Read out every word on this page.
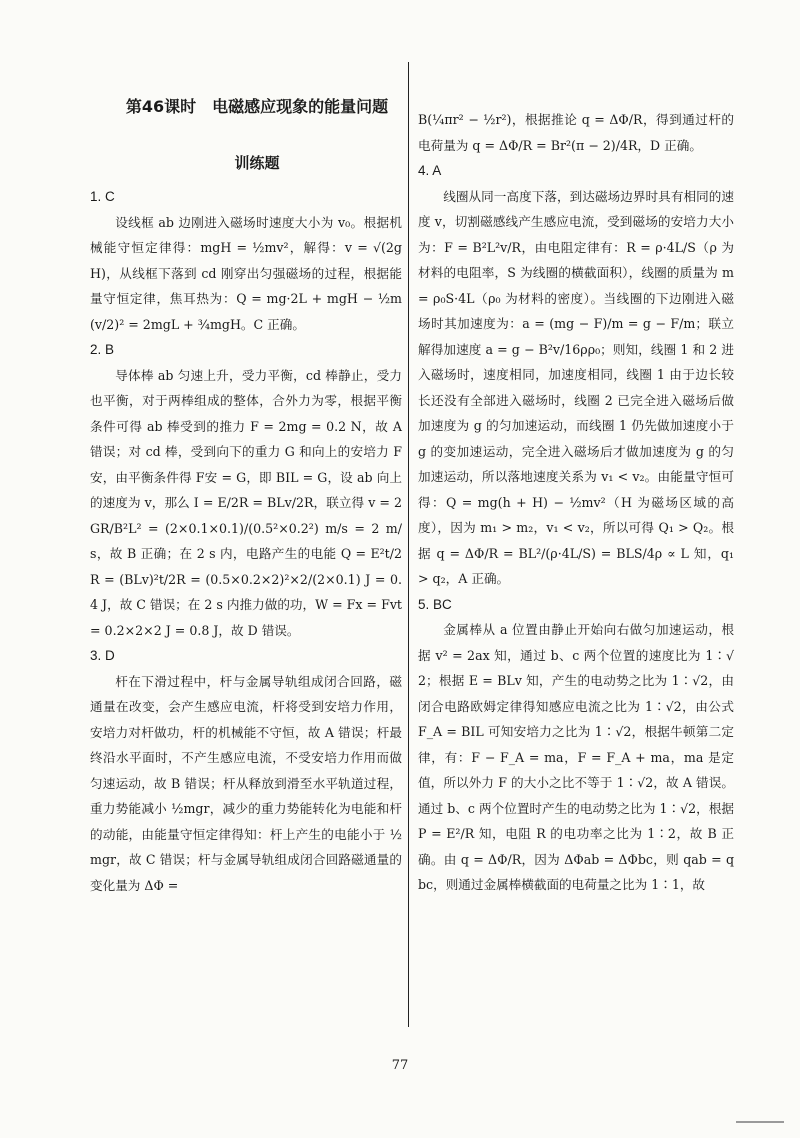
第46课时　电磁感应现象的能量问题
训练题

1. C

设线框 ab 边刚进入磁场时速度大小为 v₀。根据机械能守恒定律得：mgH = ½mv²，解得：v = √(2gH)，从线框下落到 cd 刚穿出匀强磁场的过程，根据能量守恒定律，焦耳热为：Q = mg·2L + mgH − ½m(v/2)² = 2mgL + ¾mgH。C 正确。

2. B

导体棒 ab 匀速上升，受力平衡，cd 棒静止，受力也平衡，对于两棒组成的整体，合外力为零，根据平衡条件可得 ab 棒受到的推力 F = 2mg = 0.2 N，故 A 错误；对 cd 棒，受到向下的重力 G 和向上的安培力 F安，由平衡条件得 F安 = G，即 BIL = G，设 ab 向上的速度为 v，那么 I = E/2R = BLv/2R，联立得 v = 2GR/B²L² = (2×0.1×0.1)/(0.5²×0.2²) m/s = 2 m/s，故 B 正确；在 2 s 内，电路产生的电能 Q = E²t/2R = (BLv)²t/2R = (0.5×0.2×2)²×2/(2×0.1) J = 0.4 J，故 C 错误；在 2 s 内推力做的功，W = Fx = Fvt = 0.2×2×2 J = 0.8 J，故 D 错误。

3. D

杆在下滑过程中，杆与金属导轨组成闭合回路，磁通量在改变，会产生感应电流，杆将受到安培力作用，安培力对杆做功，杆的机械能不守恒，故 A 错误；杆最终沿水平面时，不产生感应电流，不受安培力作用而做匀速运动，故 B 错误；杆从释放到滑至水平轨道过程，重力势能减小 ½mgr，减少的重力势能转化为电能和杆的动能，由能量守恒定律得知：杆上产生的电能小于 ½mgr，故 C 错误；杆与金属导轨组成闭合回路磁通量的变化量为 ΔΦ =

B(¼πr² − ½r²)，根据推论 q = ΔΦ/R，得到通过杆的电荷量为 q = ΔΦ/R = Br²(π − 2)/4R，D 正确。

4. A

线圈从同一高度下落，到达磁场边界时具有相同的速度 v，切割磁感线产生感应电流，受到磁场的安培力大小为：F = B²L²v/R，由电阻定律有：R = ρ·4L/S（ρ 为材料的电阻率，S 为线圈的横截面积），线圈的质量为 m = ρ₀S·4L（ρ₀ 为材料的密度）。当线圈的下边刚进入磁场时其加速度为：a = (mg − F)/m = g − F/m；联立解得加速度 a = g − B²v/16ρρ₀；则知，线圈 1 和 2 进入磁场时，速度相同，加速度相同，线圈 1 由于边长较长还没有全部进入磁场时，线圈 2 已完全进入磁场后做加速度为 g 的匀加速运动，而线圈 1 仍先做加速度小于 g 的变加速运动，完全进入磁场后才做加速度为 g 的匀加速运动，所以落地速度关系为 v₁ < v₂。由能量守恒可得：Q = mg(h + H) − ½mv²（H 为磁场区域的高度），因为 m₁ > m₂，v₁ < v₂，所以可得 Q₁ > Q₂。根据 q = ΔΦ/R = BL²/(ρ·4L/S) = BLS/4ρ ∝ L 知，q₁ > q₂，A 正确。

5. BC

金属棒从 a 位置由静止开始向右做匀加速运动，根据 v² = 2ax 知，通过 b、c 两个位置的速度比为 1∶√2；根据 E = BLv 知，产生的电动势之比为 1∶√2，由闭合电路欧姆定律得知感应电流之比为 1∶√2，由公式 F_A = BIL 可知安培力之比为 1∶√2，根据牛顿第二定律，有：F − F_A = ma，F = F_A + ma，ma 是定值，所以外力 F 的大小之比不等于 1∶√2，故 A 错误。通过 b、c 两个位置时产生的电动势之比为 1∶√2，根据 P = E²/R 知，电阻 R 的电功率之比为 1∶2，故 B 正确。由 q = ΔΦ/R，因为 ΔΦab = ΔΦbc，则 qab = qbc，则通过金属棒横截面的电荷量之比为 1∶1，故

77
